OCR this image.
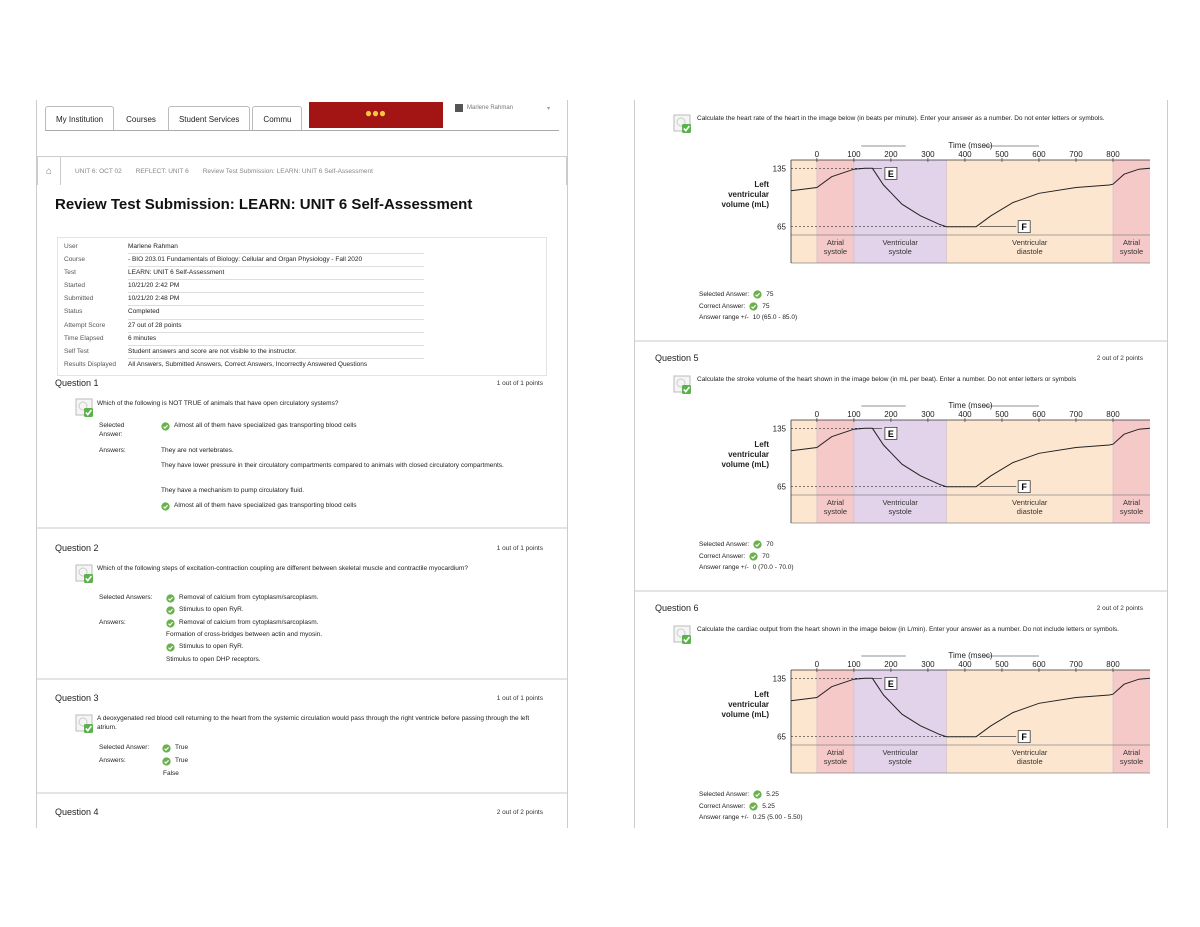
My Institution	Courses	Student Services	Commu	⦁⦁⦁	Marlene Rahman	▾
⌂	UNIT 6: OCT 02 REFLECT: UNIT 6 Review Test Submission: LEARN: UNIT 6 Self-Assessment
Review Test Submission: LEARN: UNIT 6 Self-Assessment
User	Marlene Rahman
Course	- BIO 203.01 Fundamentals of Biology: Cellular and Organ Physiology - Fall 2020
Test	LEARN: UNIT 6 Self-Assessment
Started	10/21/20 2:42 PM
Submitted	10/21/20 2:48 PM
Status	Completed
Attempt Score	27 out of 28 points
Time Elapsed	6 minutes
Self Test	Student answers and score are not visible to the instructor.
Results Displayed	All Answers, Submitted Answers, Correct Answers, Incorrectly Answered Questions
Question 1	1 out of 1 points
Which of the following is NOT TRUE of animals that have open circulatory systems?
Selected Answer:
Almost all of them have specialized gas transporting blood cells
Answers:	They are not vertebrates.
They have lower pressure in their circulatory compartments compared to animals with closed circulatory compartments.
They have a mechanism to pump circulatory fluid.
Almost all of them have specialized gas transporting blood cells
Question 2	1 out of 1 points
Which of the following steps of excitation-contraction coupling are different between skeletal muscle and contractile myocardium?
Selected Answers:	Removal of calcium from cytoplasm/sarcoplasm.
Stimulus to open RyR.
Answers:	Removal of calcium from cytoplasm/sarcoplasm.
Formation of cross-bridges between actin and myosin.
Stimulus to open RyR.
Stimulus to open DHP receptors.
Question 3	1 out of 1 points
A deoxygenated red blood cell returning to the heart from the systemic circulation would pass through the right ventricle before passing through the left atrium.
Selected Answer:	True
Answers:	True
False
Question 4	2 out of 2 points
Calculate the heart rate of the heart in the image below (in beats per minute). Enter your answer as a number. Do not enter letters or symbols.
Atrial
systole
Ventricular
systole
Ventricular
diastole
Atrial
systole
Time (msec)
0	100	200	300	400	500	600	700	800
Left
ventricular
volume (mL)
65
135	E
F
Selected Answer:	75
Correct Answer:	75
Answer range +/- 10 (65.0 - 85.0)
Question 5	2 out of 2 points
Calculate the stroke volume of the heart shown in the image below (in mL per beat). Enter a number. Do not enter letters or symbols
Atrial
systole
Ventricular
systole
Ventricular
diastole
Atrial
systole
Time (msec)
0	100	200	300	400	500	600	700	800
Left
ventricular
volume (mL)
65
135	E
F
Selected Answer:	70
Correct Answer:	70
Answer range +/- 0 (70.0 - 70.0)
Question 6	2 out of 2 points
Calculate the cardiac output from the heart shown in the image below (in L/min). Enter your answer as a number. Do not include letters or symbols.
Atrial
systole
Ventricular
systole
Ventricular
diastole
Atrial
systole
Time (msec)
0	100	200	300	400	500	600	700	800
Left
ventricular
volume (mL)
65
135	E
F
Selected Answer:	5.25
Correct Answer:	5.25
Answer range +/- 0.25 (5.00 - 5.50)
